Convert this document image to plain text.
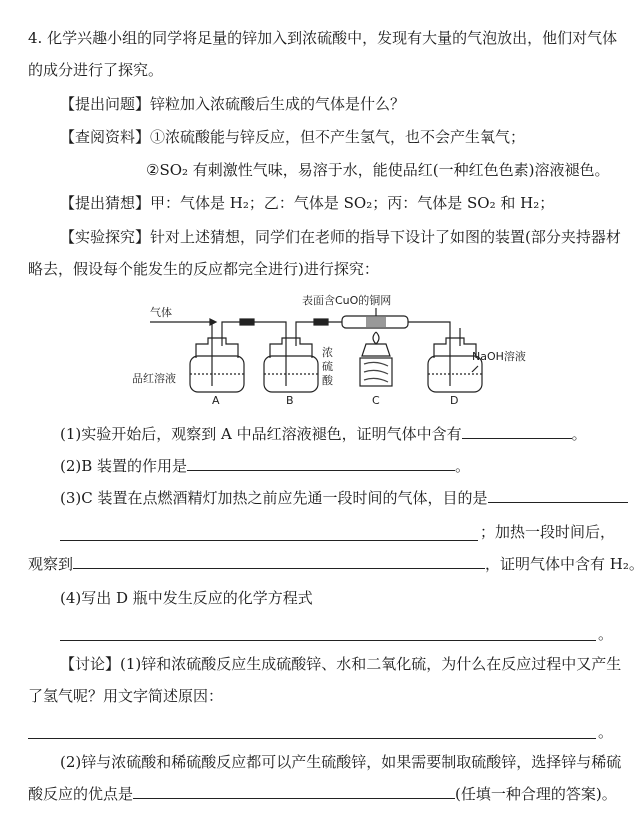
4. 化学兴趣小组的同学将足量的锌加入到浓硫酸中，发现有大量的气泡放出，他们对气体
的成分进行了探究。
【提出问题】锌粒加入浓硫酸后生成的气体是什么？
【查阅资料】①浓硫酸能与锌反应，但不产生氢气，也不会产生氧气；
②SO₂ 有刺激性气味，易溶于水，能使品红(一种红色色素)溶液褪色。
【提出猜想】甲：气体是 H₂；乙：气体是 SO₂；丙：气体是 SO₂ 和 H₂；
【实验探究】针对上述猜想，同学们在老师的指导下设计了如图的装置(部分夹持器材
略去，假设每个能发生的反应都完全进行)进行探究：
气体
表面含CuO的铜网
品红溶液
浓
硫
酸
NaOH溶液
A	B	C	D
(1)实验开始后，观察到 A 中品红溶液褪色，证明气体中含有	。
(2)B 装置的作用是	。
(3)C 装置在点燃酒精灯加热之前应先通一段时间的气体，目的是
；加热一段时间后，
观察到	，证明气体中含有 H₂。
(4)写出 D 瓶中发生反应的化学方程式
。
【讨论】(1)锌和浓硫酸反应生成硫酸锌、水和二氧化硫，为什么在反应过程中又产生
了氢气呢？用文字简述原因：
。
(2)锌与浓硫酸和稀硫酸反应都可以产生硫酸锌，如果需要制取硫酸锌，选择锌与稀硫
酸反应的优点是	(任填一种合理的答案)。
